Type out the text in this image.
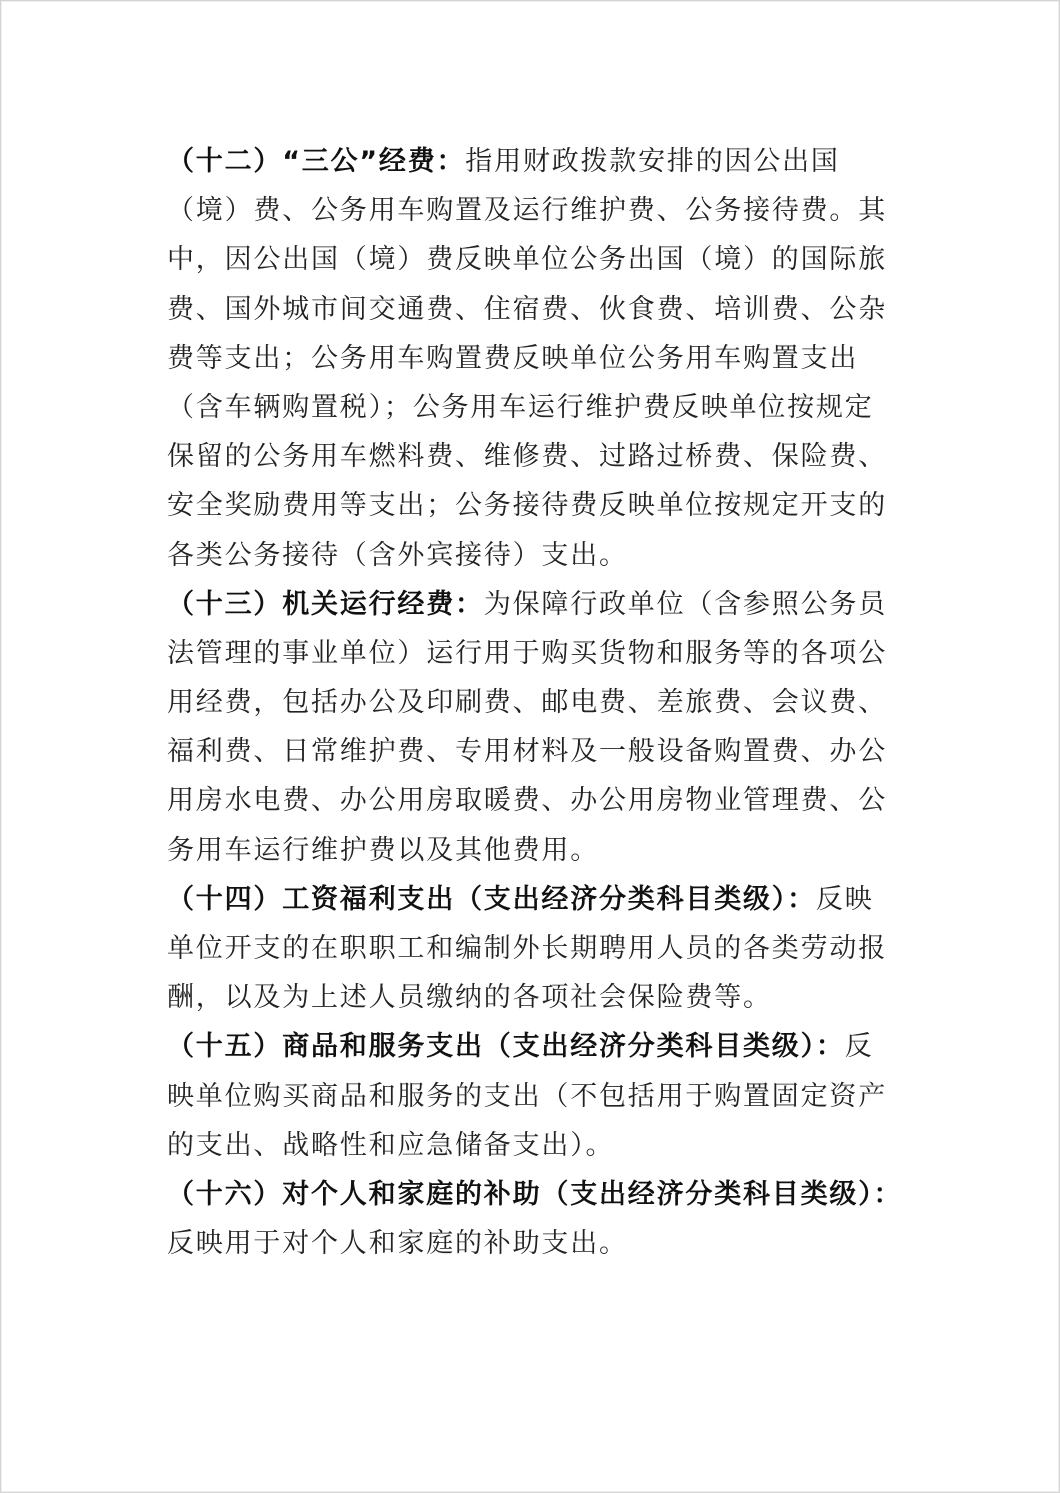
（十二）“三公”经费：指用财政拨款安排的因公出国
（境）费、公务用车购置及运行维护费、公务接待费。其
中，因公出国（境）费反映单位公务出国（境）的国际旅
费、国外城市间交通费、住宿费、伙食费、培训费、公杂
费等支出；公务用车购置费反映单位公务用车购置支出
（含车辆购置税）；公务用车运行维护费反映单位按规定
保留的公务用车燃料费、维修费、过路过桥费、保险费、
安全奖励费用等支出；公务接待费反映单位按规定开支的
各类公务接待（含外宾接待）支出。
（十三）机关运行经费：为保障行政单位（含参照公务员
法管理的事业单位）运行用于购买货物和服务等的各项公
用经费，包括办公及印刷费、邮电费、差旅费、会议费、
福利费、日常维护费、专用材料及一般设备购置费、办公
用房水电费、办公用房取暖费、办公用房物业管理费、公
务用车运行维护费以及其他费用。
（十四）工资福利支出（支出经济分类科目类级）：反映
单位开支的在职职工和编制外长期聘用人员的各类劳动报
酬，以及为上述人员缴纳的各项社会保险费等。
（十五）商品和服务支出（支出经济分类科目类级）：反
映单位购买商品和服务的支出（不包括用于购置固定资产
的支出、战略性和应急储备支出）。
（十六）对个人和家庭的补助（支出经济分类科目类级）：
反映用于对个人和家庭的补助支出。
